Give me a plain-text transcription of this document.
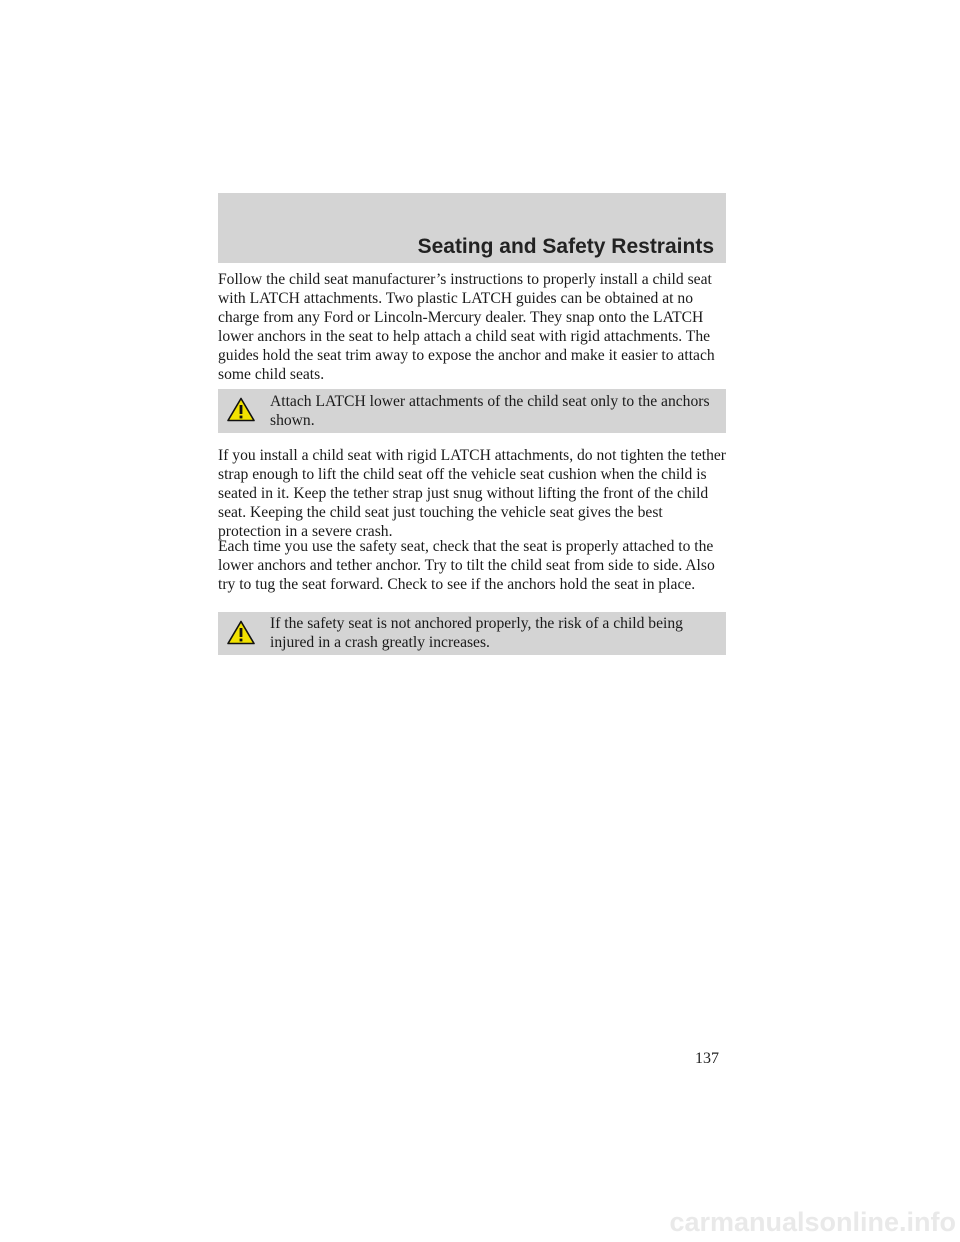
Seating and Safety Restraints

Follow the child seat manufacturer’s instructions to properly install a child seat with LATCH attachments. Two plastic LATCH guides can be obtained at no charge from any Ford or Lincoln-Mercury dealer. They snap onto the LATCH lower anchors in the seat to help attach a child seat with rigid attachments. The guides hold the seat trim away to expose the anchor and make it easier to attach some child seats.

Attach LATCH lower attachments of the child seat only to the anchors shown.

If you install a child seat with rigid LATCH attachments, do not tighten the tether strap enough to lift the child seat off the vehicle seat cushion when the child is seated in it. Keep the tether strap just snug without lifting the front of the child seat. Keeping the child seat just touching the vehicle seat gives the best protection in a severe crash.

Each time you use the safety seat, check that the seat is properly attached to the lower anchors and tether anchor. Try to tilt the child seat from side to side. Also try to tug the seat forward. Check to see if the anchors hold the seat in place.

If the safety seat is not anchored properly, the risk of a child being injured in a crash greatly increases.

137
carmanualsonline.info
